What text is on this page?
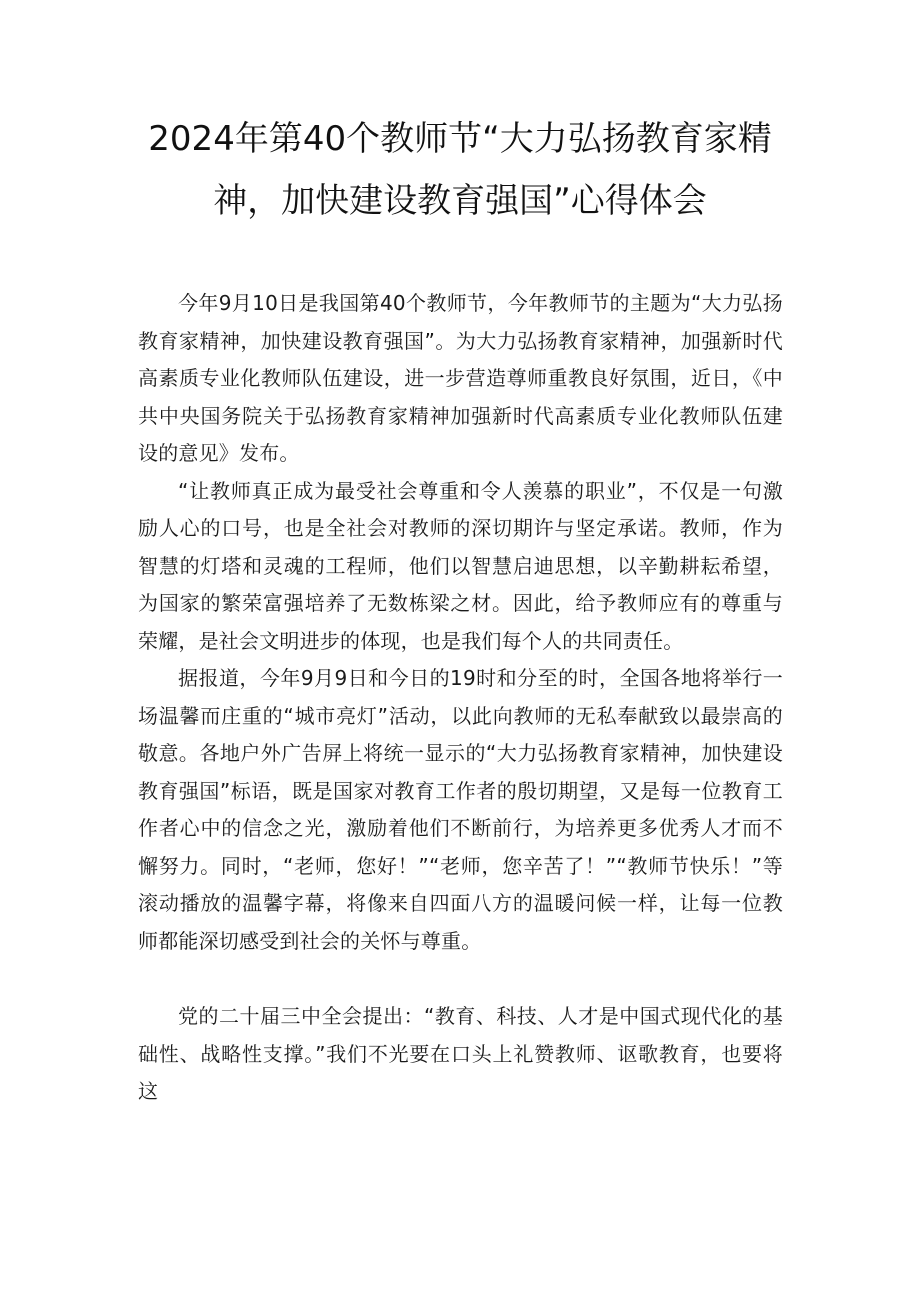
2024年第40个教师节“大力弘扬教育家精
神，加快建设教育强国”心得体会

今年9月10日是我国第40个教师节，今年教师节的主题为“大力弘扬教育家精神，加快建设教育强国”。为大力弘扬教育家精神，加强新时代高素质专业化教师队伍建设，进一步营造尊师重教良好氛围，近日，《中共中央国务院关于弘扬教育家精神加强新时代高素质专业化教师队伍建设的意见》发布。

“让教师真正成为最受社会尊重和令人羡慕的职业”，不仅是一句激励人心的口号，也是全社会对教师的深切期许与坚定承诺。教师，作为智慧的灯塔和灵魂的工程师，他们以智慧启迪思想，以辛勤耕耘希望，为国家的繁荣富强培养了无数栋梁之材。因此，给予教师应有的尊重与荣耀，是社会文明进步的体现，也是我们每个人的共同责任。

据报道，今年9月9日和今日的19时和分至的时，全国各地将举行一场温馨而庄重的“城市亮灯”活动，以此向教师的无私奉献致以最崇高的敬意。各地户外广告屏上将统一显示的“大力弘扬教育家精神，加快建设教育强国”标语，既是国家对教育工作者的殷切期望，又是每一位教育工作者心中的信念之光，激励着他们不断前行，为培养更多优秀人才而不懈努力。同时，“老师，您好！”“老师，您辛苦了！”“教师节快乐！”等滚动播放的温馨字幕，将像来自四面八方的温暖问候一样，让每一位教师都能深切感受到社会的关怀与尊重。

党的二十届三中全会提出：“教育、科技、人才是中国式现代化的基础性、战略性支撑。”我们不光要在口头上礼赞教师、讴歌教育，也要将这
